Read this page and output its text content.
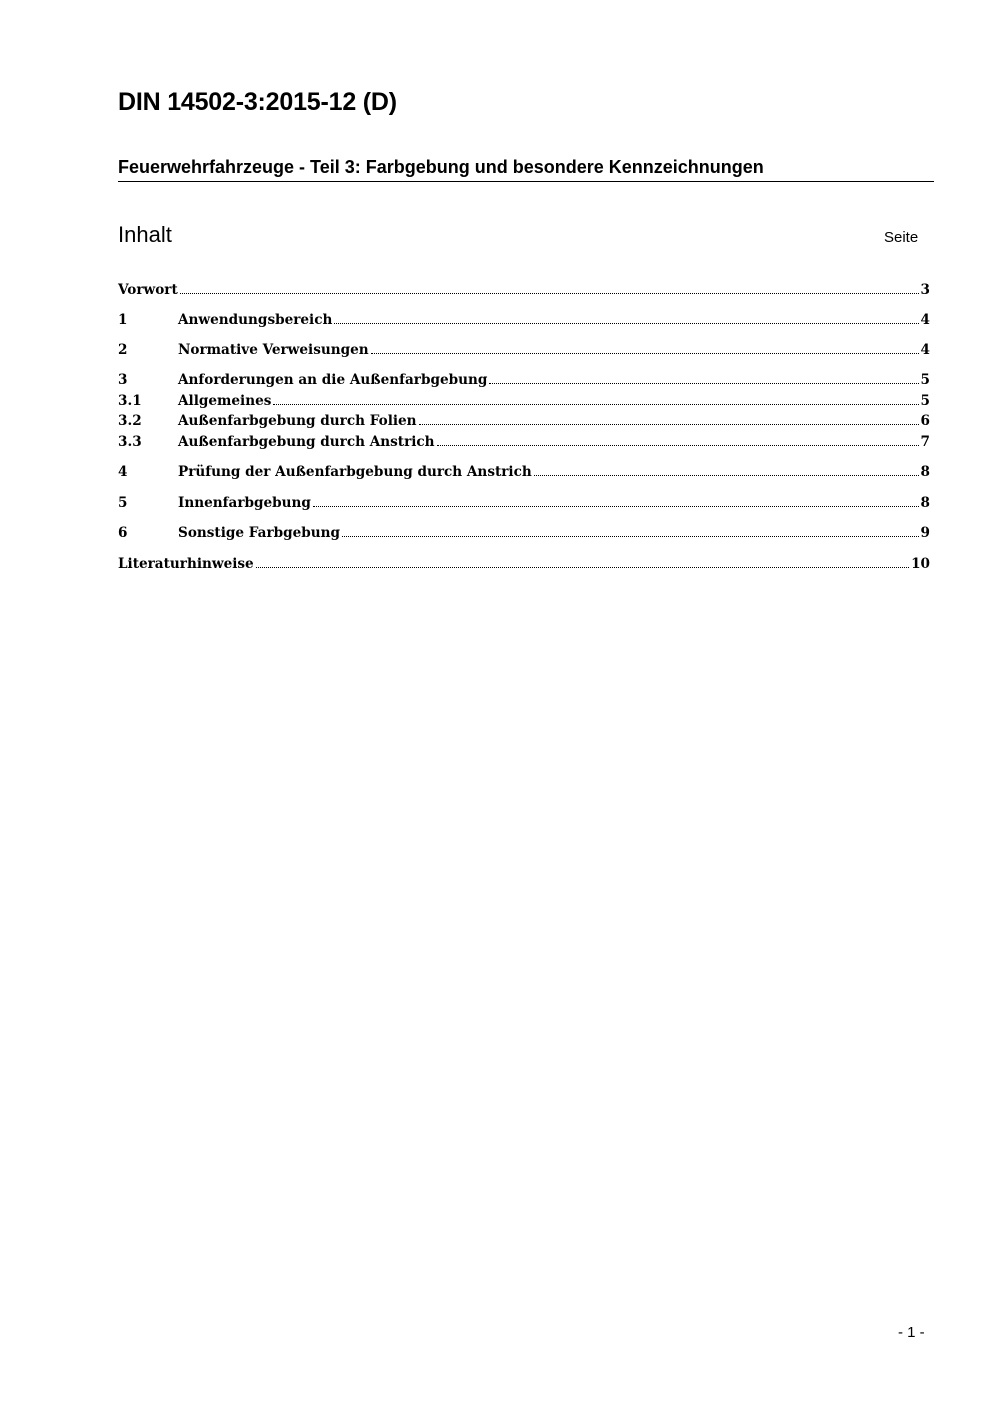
DIN 14502-3:2015-12 (D)
Feuerwehrfahrzeuge - Teil 3: Farbgebung und besondere Kennzeichnungen
Inhalt	Seite
Vorwort	3
1	Anwendungsbereich	4
2	Normative Verweisungen	4
3	Anforderungen an die Außenfarbgebung	5
3.1	Allgemeines	5
3.2	Außenfarbgebung durch Folien	6
3.3	Außenfarbgebung durch Anstrich	7
4	Prüfung der Außenfarbgebung durch Anstrich	8
5	Innenfarbgebung	8
6	Sonstige Farbgebung	9
Literaturhinweise	10
- 1 -
